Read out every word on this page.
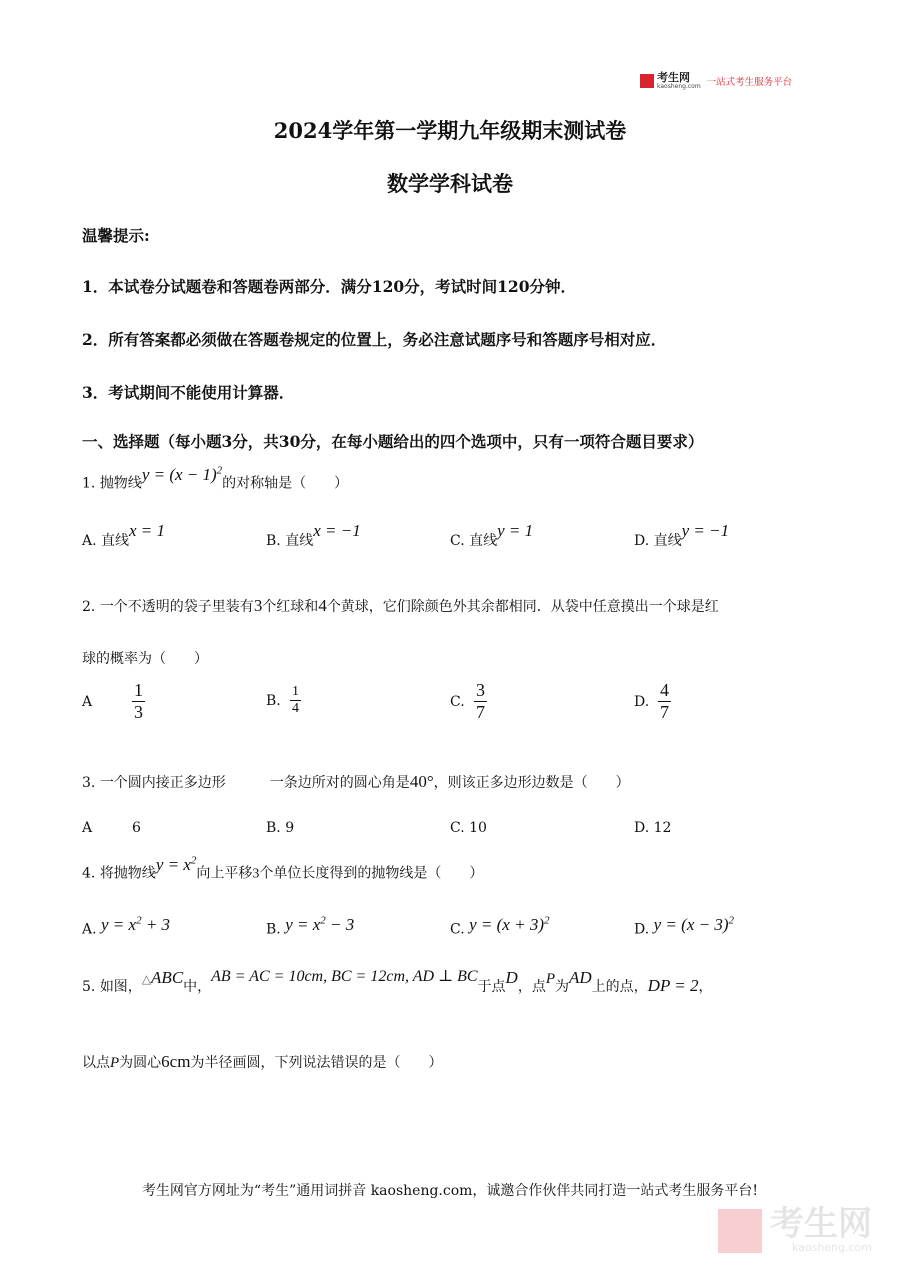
考生网
kaosheng.com 一站式考生服务平台
2024学年第一学期九年级期末测试卷
数学学科试卷
温馨提示:
1．本试卷分试题卷和答题卷两部分．满分120分，考试时间120分钟．
2．所有答案都必须做在答题卷规定的位置上，务必注意试题序号和答题序号相对应．
3．考试期间不能使用计算器．
一、选择题（每小题3分，共30分，在每小题给出的四个选项中，只有一项符合题目要求）
1. 抛物线$y = (x - 1)^2$的对称轴是（　　）
A. 直线x = 1
B. 直线x = −1
C. 直线y = 1
D. 直线y = −1
2. 一个不透明的袋子里装有3个红球和4个黄球，它们除颜色外其余都相同．从袋中任意摸出一个球是红
球的概率为（　　）
A $\frac{1}{3}$	B. $\frac{1}{4}$	C. $\frac{3}{7}$	D. $\frac{4}{7}$
3. 一个圆内接正多边形	一条边所对的圆心角是40°，则该正多边形边数是（　　）
A	6	B. 9	C. 10	D. 12
4. 将抛物线$y = x^2$向上平移3个单位长度得到的抛物线是（　　）
A. $y = x^2 + 3$	B. $y = x^2 - 3$	C. $y = (x + 3)^2$
D. $y = (x - 3)^2$
5. 如图，△ABC中，AB = AC = 10cm, BC = 12cm, AD ⊥ BC于点D，点P为AD上的点，DP = 2，
以点P为圆心6cm为半径画圆，下列说法错误的是（　　）
考生网官方网址为“考生”通用词拼音 kaosheng.com，诚邀合作伙伴共同打造一站式考生服务平台!
考生网
kaosheng.com
